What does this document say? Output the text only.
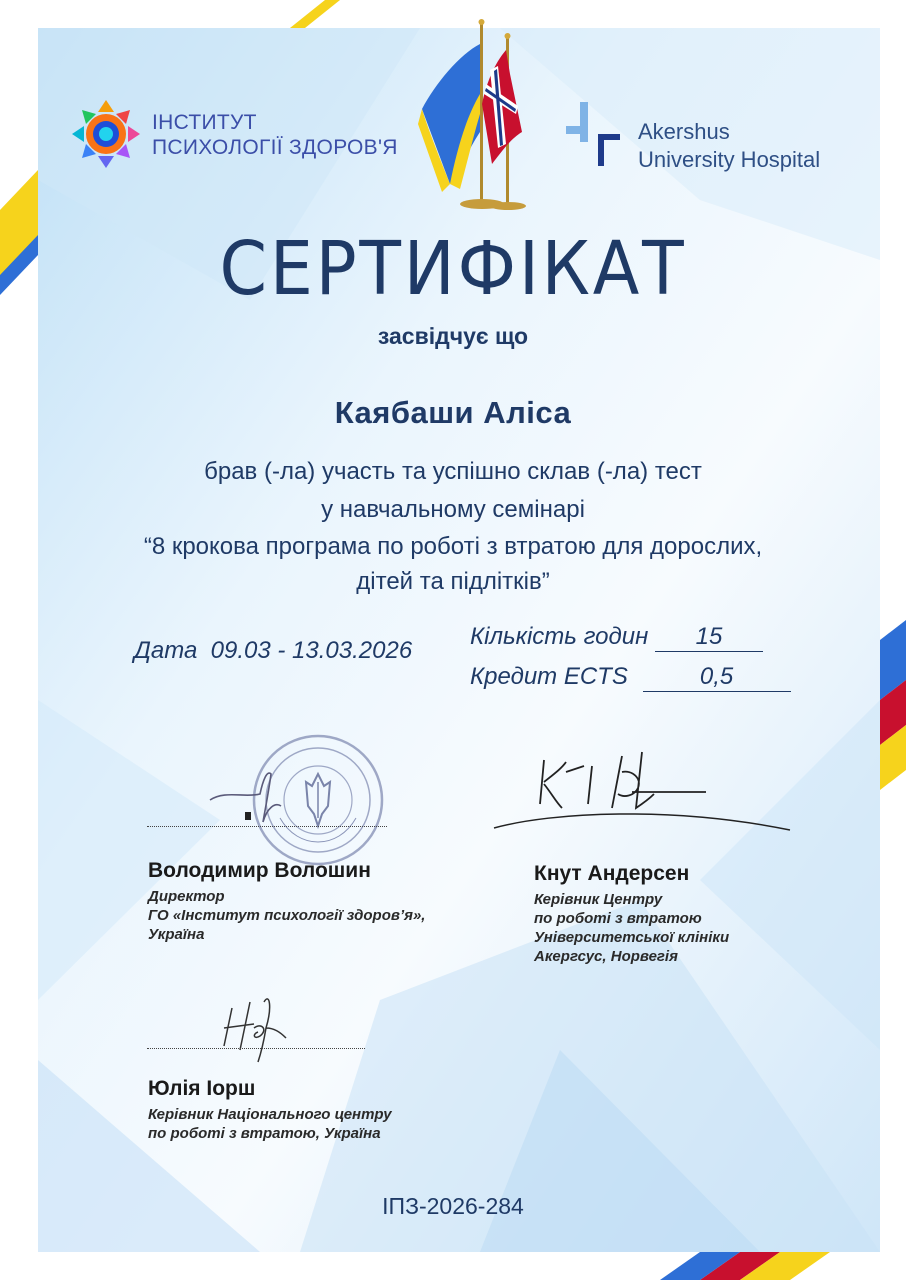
ІНСТИТУТ
ПСИХОЛОГІЇ ЗДОРОВ'Я
Akershus
University Hospital
СЕРТИФІКАТ
засвідчує що
Каябаши Аліса
брав (-ла) участь та успішно склав (-ла) тест
у навчальному семінарі
“8 крокова програма по роботі з втратою для дорослих,
дітей та підлітків”
Дата 09.03 - 13.03.2026
Кількість годин 15
Кредит ECTS	0,5
Володимир Волошин
Директор
ГО «Інститут психології здоров’я»,
Україна
Кнут Андерсен
Керівник Центру
по роботі з втратою
Університетської клініки
Акергсус, Норвегія
Юлія Іорш
Керівник Національного центру
по роботі з втратою, Україна
ІПЗ-2026-284
